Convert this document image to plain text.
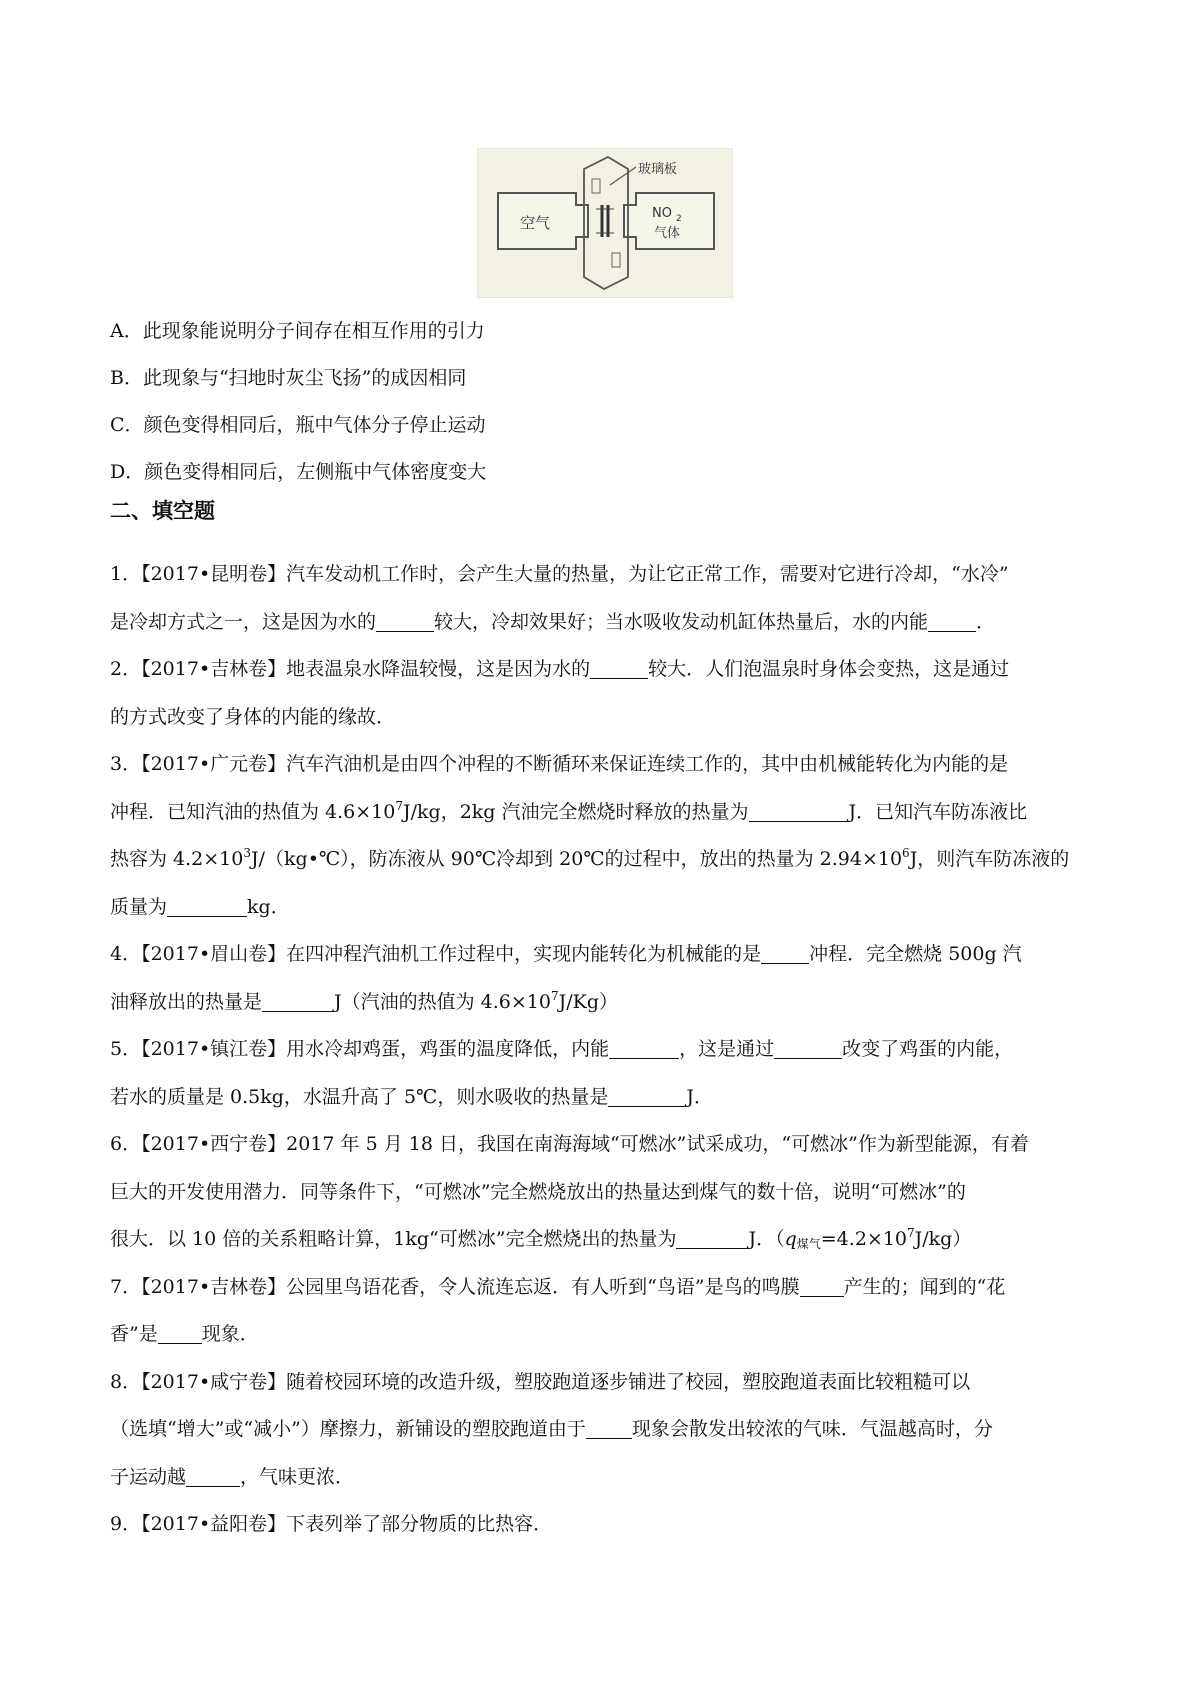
玻璃板
空气
NO 2
气体
A．此现象能说明分子间存在相互作用的引力
B．此现象与“扫地时灰尘飞扬”的成因相同
C．颜色变得相同后，瓶中气体分子停止运动
D．颜色变得相同后，左侧瓶中气体密度变大
二、填空题
1．【2017•昆明卷】汽车发动机工作时，会产生大量的热量，为让它正常工作，需要对它进行冷却，“水冷”
是冷却方式之一，这是因为水的	较大，冷却效果好；当水吸收发动机缸体热量后，水的内能	．
2．【2017•吉林卷】地表温泉水降温较慢，这是因为水的	较大．人们泡温泉时身体会变热，这是通过
的方式改变了身体的内能的缘故．
3．【2017•广元卷】汽车汽油机是由四个冲程的不断循环来保证连续工作的，其中由机械能转化为内能的是
冲程．已知汽油的热值为 $4.6\times 10^7J/kg$，2kg 汽油完全燃烧时释放的热量为	J．已知汽车防冻液比
热容为 $4.2\times 10^3J/(kg•℃)$，防冻液从 90℃冷却到 20℃的过程中，放出的热量为 $2.94\times 10^6J$，则汽车防冻液的
质量为	kg．
4．【2017•眉山卷】在四冲程汽油机工作过程中，实现内能转化为机械能的是	冲程．完全燃烧 500g 汽
油释放出的热量是	J（汽油的热值为 $4.6\times 10^7J/Kg$）
5．【2017•镇江卷】用水冷却鸡蛋，鸡蛋的温度降低，内能	，这是通过	改变了鸡蛋的内能，
若水的质量是 0.5kg，水温升高了 5℃，则水吸收的热量是	J．
6．【2017•西宁卷】2017 年 5 月 18 日，我国在南海海域“可燃冰”试采成功，“可燃冰”作为新型能源，有着
巨大的开发使用潜力．同等条件下，“可燃冰”完全燃烧放出的热量达到煤气的数十倍，说明“可燃冰”的
很大．以 10 倍的关系粗略计算，1kg“可燃冰”完全燃烧出的热量为	J．（q煤气$=4.2\times 10^7J/kg$）
7．【2017•吉林卷】公园里鸟语花香，令人流连忘返．有人听到“鸟语”是鸟的鸣膜 产生的；闻到的“花
香”是 现象．
8．【2017•咸宁卷】随着校园环境的改造升级，塑胶跑道逐步铺进了校园，塑胶跑道表面比较粗糙可以
（选填“增大”或“减小”）摩擦力，新铺设的塑胶跑道由于 现象会散发出较浓的气味．气温越高时，分
子运动越	，气味更浓．
9．【2017•益阳卷】下表列举了部分物质的比热容．
